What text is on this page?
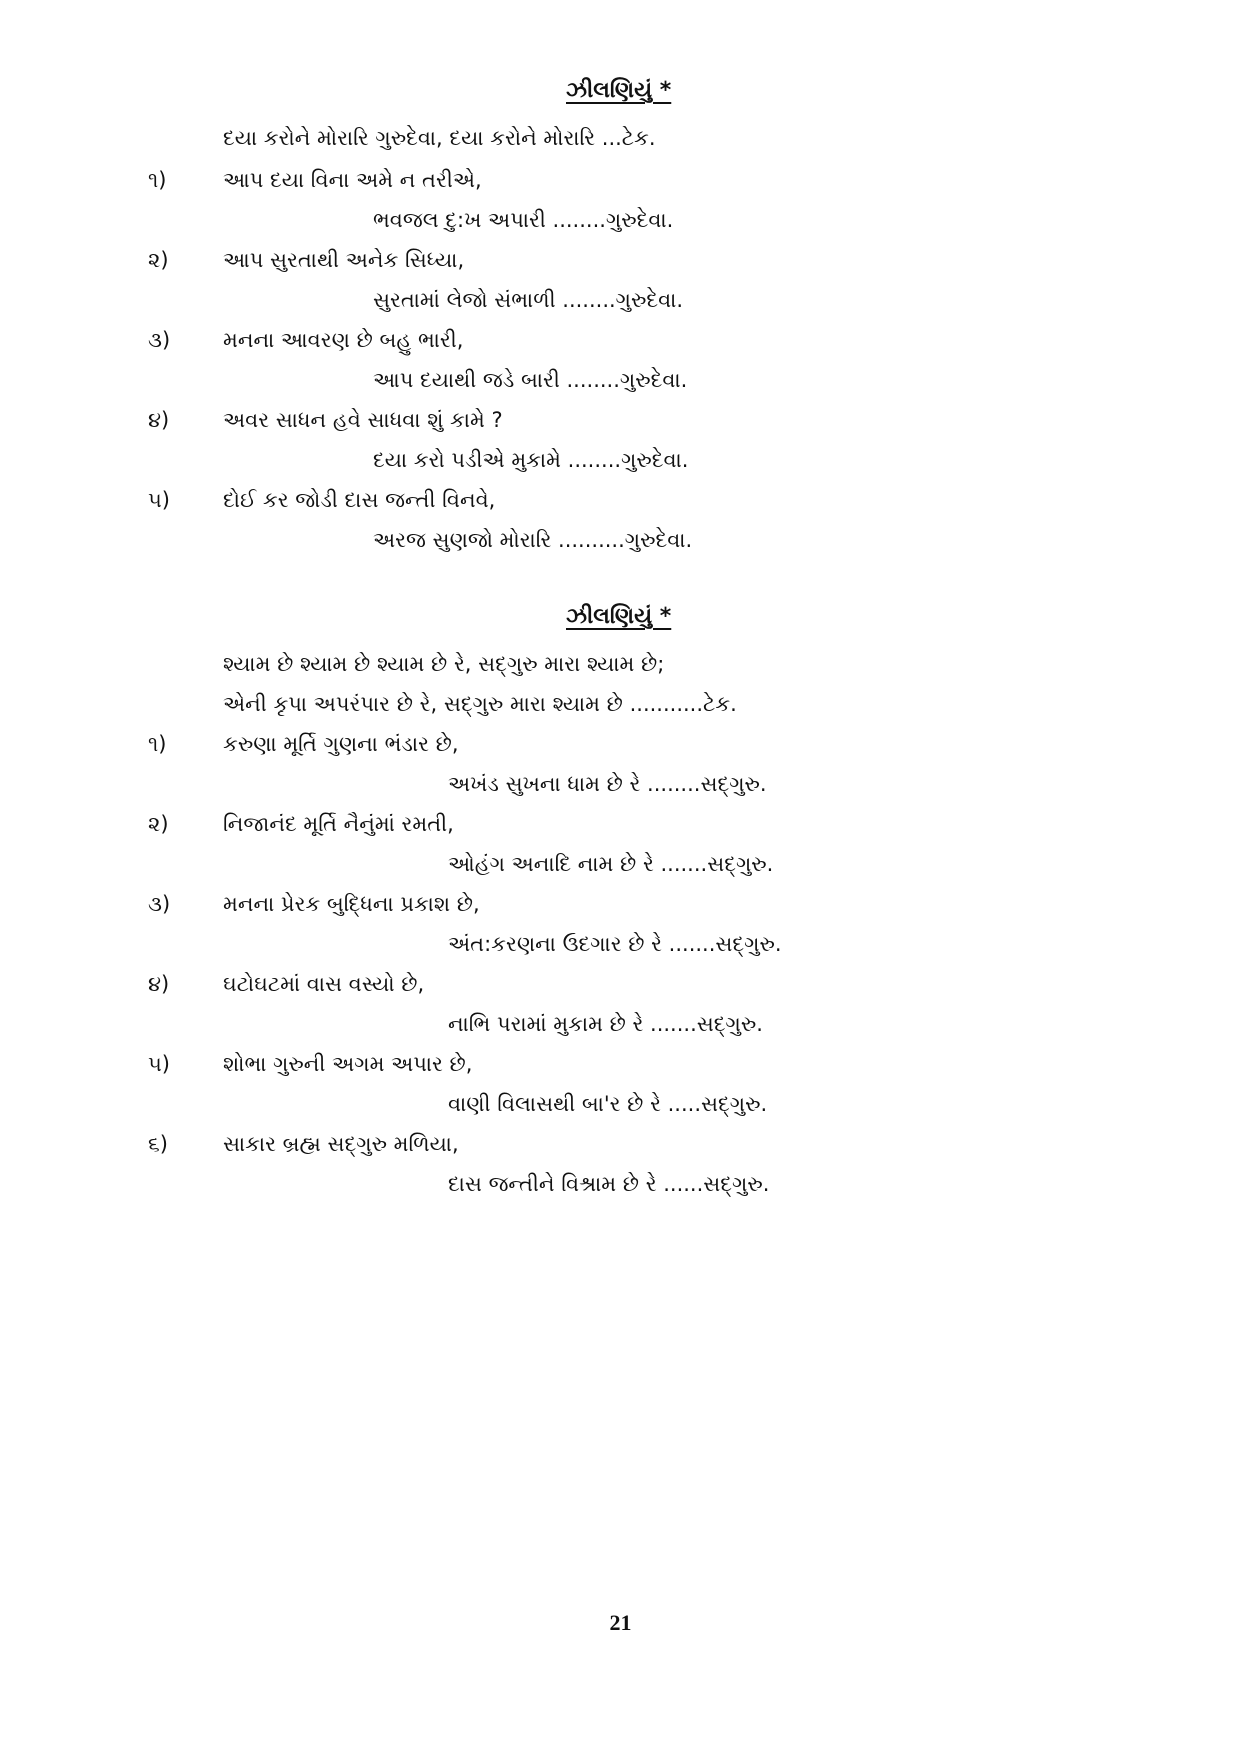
ઝીલણિયું *
દયા કરોને મોરારિ ગુરુદેવા, દયા કરોને મોરારિ ...ટેક.
૧)	આપ દયા વિના અમે ન તરીએ,
ભવજલ દુ:ખ અપારી ........ગુરુદેવા.
૨)	આપ સુરતાથી અનેક સિધ્યા,
સુરતામાં લેજો સંભાળી ........ગુરુદેવા.
૩)	મનના આવરણ છે બહુ ભારી,
આપ દયાથી જડે બારી ........ગુરુદેવા.
૪)	અવર સાધન હવે સાધવા શું કામે ?
દયા કરો પડીએ મુકામે ........ગુરુદેવા.
૫)	દોઈ કર જોડી દાસ જન્તી વિનવે,
અરજ સુણજો મોરારિ ..........ગુરુદેવા.
ઝીલણિયું *
શ્યામ છે શ્યામ છે શ્યામ છે રે, સદ્‌ગુરુ મારા શ્યામ છે;
એની કૃપા અપરંપાર છે રે, સદ્‌ગુરુ મારા શ્યામ છે ...........ટેક.
૧)	કરુણા મૂર્તિ ગુણના ભંડાર છે,
અખંડ સુખના ધામ છે રે ........સદ્‌ગુરુ.
૨)	નિજાનંદ મૂર્તિ નૈનુંમાં રમતી,
ઓહંગ અનાદિ નામ છે રે .......સદ્‌ગુરુ.
૩)	મનના પ્રેરક બુદ્ધિના પ્રકાશ છે,
અંત:કરણના ઉદગાર છે રે .......સદ્‌ગુરુ.
૪)	ઘટોઘટમાં વાસ વસ્યો છે,
નાભિ પરામાં મુકામ છે રે .......સદ્‌ગુરુ.
૫)	શોભા ગુરુની અગમ અપાર છે,
વાણી વિલાસથી બા'ર છે રે .....સદ્‌ગુરુ.
૬)	સાકાર બ્રહ્મ સદ્‌ગુરુ મળિયા,
દાસ જન્તીને વિશ્રામ છે રે ......સદ્‌ગુરુ.
21
